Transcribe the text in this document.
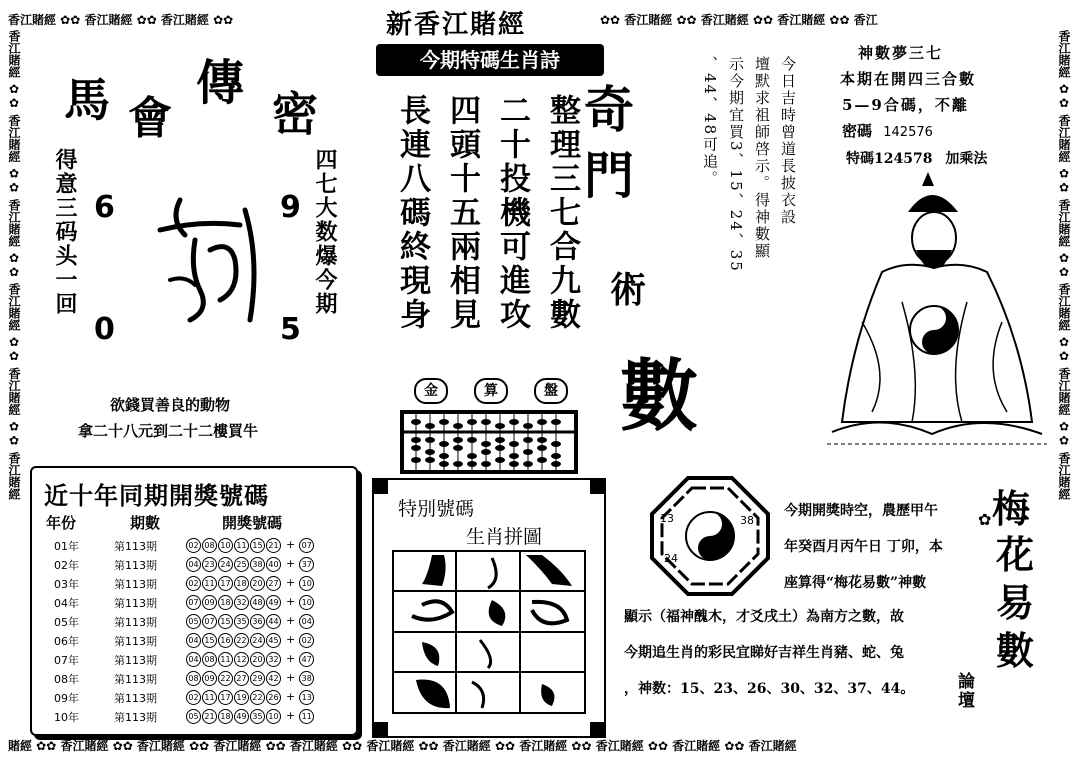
香江賭經 ✿✿ 香江賭經 ✿✿ 香江賭經 ✿✿	✿✿ 香江賭經 ✿✿ 香江賭經 ✿✿ 香江賭經 ✿✿ 香江
賭經 ✿✿ 香江賭經 ✿✿ 香江賭經 ✿✿ 香江賭經 ✿✿ 香江賭經 ✿✿ 香江賭經 ✿✿ 香江賭經 ✿✿ 香江賭經 ✿✿ 香江賭經 ✿✿ 香江賭經 ✿✿ 香江賭經
香江賭經 ✿✿ 香江賭經 ✿✿ 香江賭經 ✿✿ 香江賭經 ✿✿ 香江賭經 ✿✿ 香江賭經	香江賭經 ✿✿ 香江賭經 ✿✿ 香江賭經 ✿✿ 香江賭經 ✿✿ 香江賭經 ✿✿ 香江賭經
新香江賭經
今期特碼生肖詩
馬 會
傳
密
得意三码头一回	四七大数爆今期
6	9
0	5
欲錢買善良的動物
拿二十八元到二十二樓買牛
整理三七合九數
二十投機可進攻
四頭十五兩相見
長連八碼終現身	奇
門
術
數
金	算	盤
今日吉時曾道長披衣設
壇默求祖師啓示。得神數顯
示今期宜買3、15、24、35
、44、48可追。
神數夢三七
本期在開四三合數
5—9合碼，不離
密碼 142576
特碼124578 加乘法
近十年同期開獎號碼
年份	期數	開獎號碼
01年	第113期	02 08 10 11 15 21 + 07
02年	第113期	04 23 24 25 38 40 + 37
03年	第113期	02 11 17 18 20 27 + 10
04年	第113期	07 09 18 32 48 49 + 10
05年	第113期	05 07 15 35 36 44 + 04
06年	第113期	04 15 16 22 24 45 + 02
07年	第113期	04 08 11 12 20 32 + 47
08年	第113期	08 09 22 27 29 42 + 38
09年	第113期	02 11 17 19 22 26 + 13
10年	第113期	05 21 18 49 35 10 + 11
特別號碼
生肖拼圖
13	38
24
今期開獎時空，農歷甲午
年癸酉月丙午日 丁卯，本
座算得“梅花易數”神數
顯示（福神醜木，才爻戌土）為南方之數，故
今期追生肖的彩民宜睇好吉祥生肖豬、蛇、兔
，神数：15、23、26、30、32、37、44。
梅
花
易
數
✿
論壇
